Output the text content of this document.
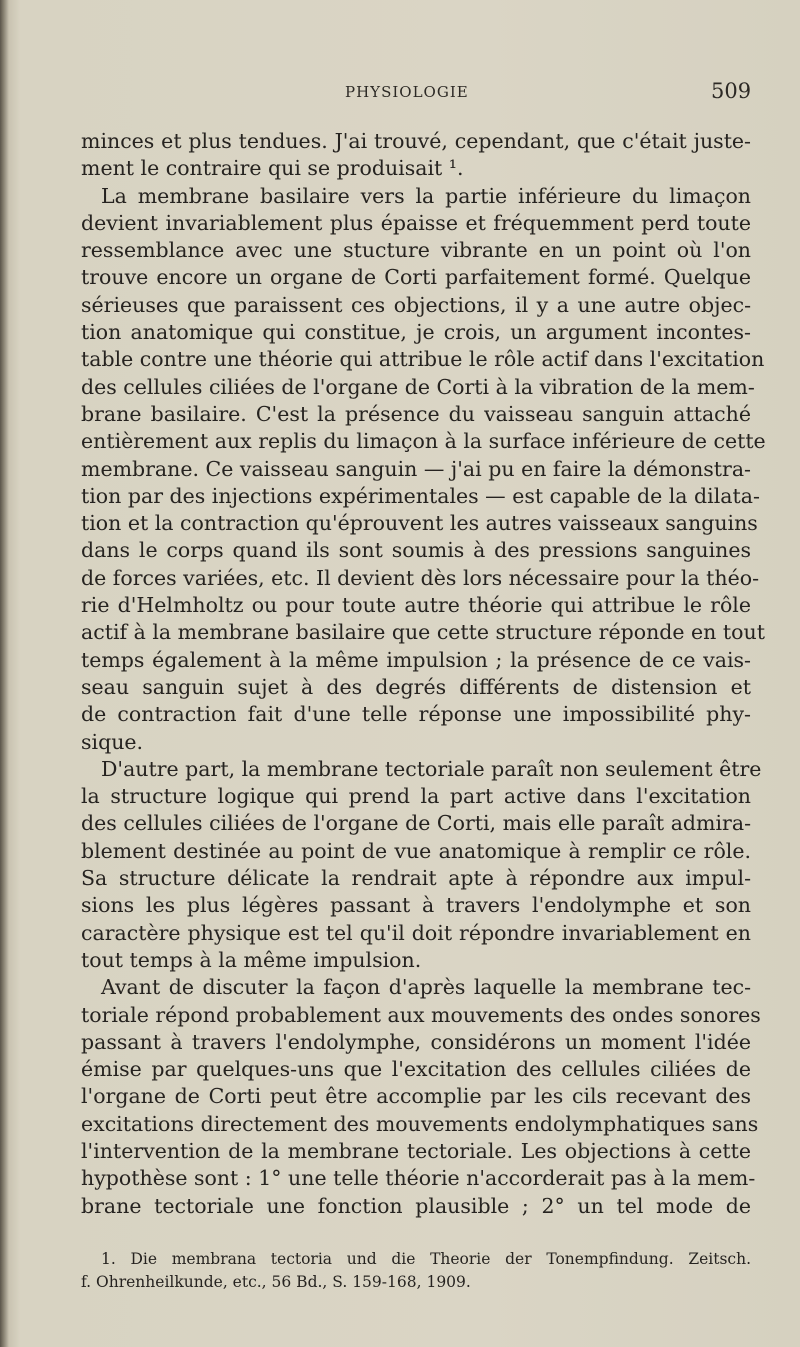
PHYSIOLOGIE	509
minces et plus tendues. J'ai trouvé, cependant, que c'était juste-
ment le contraire qui se produisait ¹.
La membrane basilaire vers la partie inférieure du limaçon
devient invariablement plus épaisse et fréquemment perd toute
ressemblance avec une stucture vibrante en un point où l'on
trouve encore un organe de Corti parfaitement formé. Quelque
sérieuses que paraissent ces objections, il y a une autre objec-
tion anatomique qui constitue, je crois, un argument incontes-
table contre une théorie qui attribue le rôle actif dans l'excitation
des cellules ciliées de l'organe de Corti à la vibration de la mem-
brane basilaire. C'est la présence du vaisseau sanguin attaché
entièrement aux replis du limaçon à la surface inférieure de cette
membrane. Ce vaisseau sanguin — j'ai pu en faire la démonstra-
tion par des injections expérimentales — est capable de la dilata-
tion et la contraction qu'éprouvent les autres vaisseaux sanguins
dans le corps quand ils sont soumis à des pressions sanguines
de forces variées, etc. Il devient dès lors nécessaire pour la théo-
rie d'Helmholtz ou pour toute autre théorie qui attribue le rôle
actif à la membrane basilaire que cette structure réponde en tout
temps également à la même impulsion ; la présence de ce vais-
seau sanguin sujet à des degrés différents de distension et
de contraction fait d'une telle réponse une impossibilité phy-
sique.
D'autre part, la membrane tectoriale paraît non seulement être
la structure logique qui prend la part active dans l'excitation
des cellules ciliées de l'organe de Corti, mais elle paraît admira-
blement destinée au point de vue anatomique à remplir ce rôle.
Sa structure délicate la rendrait apte à répondre aux impul-
sions les plus légères passant à travers l'endolymphe et son
caractère physique est tel qu'il doit répondre invariablement en
tout temps à la même impulsion.
Avant de discuter la façon d'après laquelle la membrane tec-
toriale répond probablement aux mouvements des ondes sonores
passant à travers l'endolymphe, considérons un moment l'idée
émise par quelques-uns que l'excitation des cellules ciliées de
l'organe de Corti peut être accomplie par les cils recevant des
excitations directement des mouvements endolymphatiques sans
l'intervention de la membrane tectoriale. Les objections à cette
hypothèse sont : 1° une telle théorie n'accorderait pas à la mem-
brane tectoriale une fonction plausible ; 2° un tel mode de
1. Die membrana tectoria und die Theorie der Tonempfindung. Zeitsch.
f. Ohrenheilkunde, etc., 56 Bd., S. 159-168, 1909.
